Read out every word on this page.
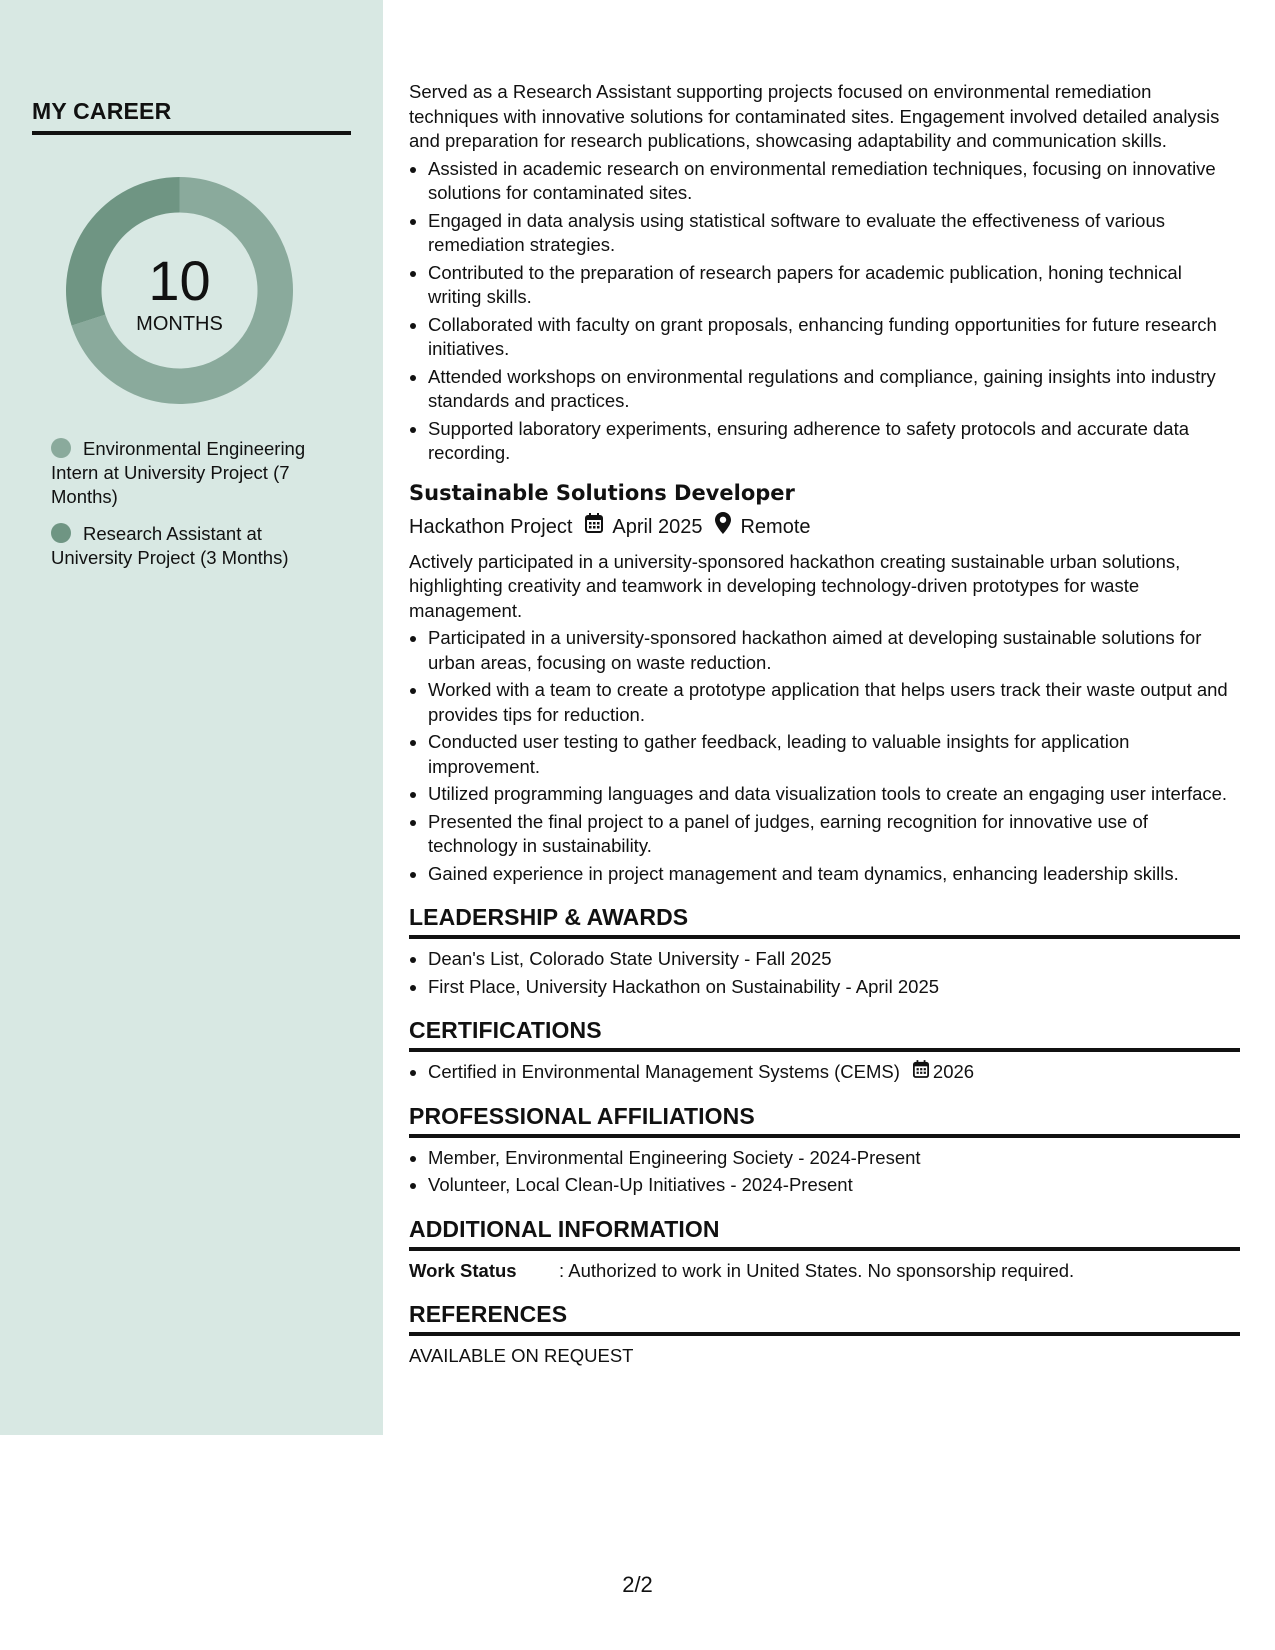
MY CAREER
10
MONTHS
Environmental Engineering Intern at University Project (7 Months)
Research Assistant at University Project (3 Months)

Served as a Research Assistant supporting projects focused on environmental remediation techniques with innovative solutions for contaminated sites. Engagement involved detailed analysis and preparation for research publications, showcasing adaptability and communication skills.

• Assisted in academic research on environmental remediation techniques, focusing on innovative solutions for contaminated sites.
• Engaged in data analysis using statistical software to evaluate the effectiveness of various remediation strategies.
• Contributed to the preparation of research papers for academic publication, honing technical writing skills.
• Collaborated with faculty on grant proposals, enhancing funding opportunities for future research initiatives.
• Attended workshops on environmental regulations and compliance, gaining insights into industry standards and practices.
• Supported laboratory experiments, ensuring adherence to safety protocols and accurate data recording.
Sustainable Solutions Developer
Hackathon Project April 2025 Remote

Actively participated in a university-sponsored hackathon creating sustainable urban solutions, highlighting creativity and teamwork in developing technology-driven prototypes for waste management.

• Participated in a university-sponsored hackathon aimed at developing sustainable solutions for urban areas, focusing on waste reduction.
• Worked with a team to create a prototype application that helps users track their waste output and provides tips for reduction.
• Conducted user testing to gather feedback, leading to valuable insights for application improvement.
• Utilized programming languages and data visualization tools to create an engaging user interface.
• Presented the final project to a panel of judges, earning recognition for innovative use of technology in sustainability.
• Gained experience in project management and team dynamics, enhancing leadership skills.
LEADERSHIP & AWARDS
• Dean's List, Colorado State University - Fall 2025
• First Place, University Hackathon on Sustainability - April 2025
CERTIFICATIONS
• Certified in Environmental Management Systems (CEMS) 2026
PROFESSIONAL AFFILIATIONS
• Member, Environmental Engineering Society - 2024-Present
• Volunteer, Local Clean-Up Initiatives - 2024-Present
ADDITIONAL INFORMATION
Work Status	: Authorized to work in United States. No sponsorship required.
REFERENCES
AVAILABLE ON REQUEST
2/2
